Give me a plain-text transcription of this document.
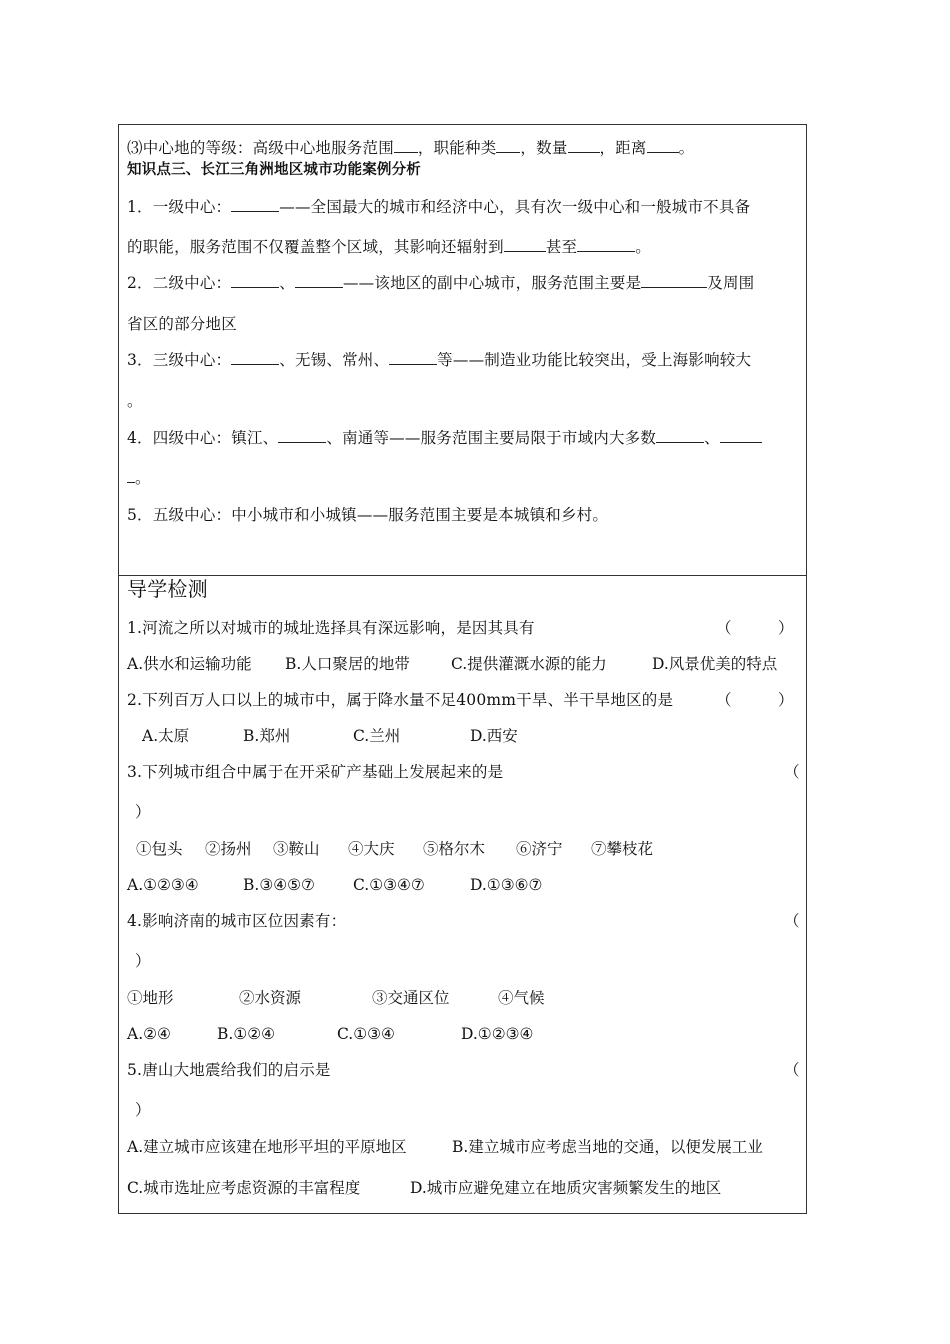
⑶中心地的等级：高级中心地服务范围 ，职能种类 ，数量 ，距离 。
知识点三、长江三角洲地区城市功能案例分析
1．一级中心：	——全国最大的城市和经济中心，具有次一级中心和一般城市不具备
的职能，服务范围不仅覆盖整个区域，其影响还辐射到	甚至	。
2．二级中心：	、	——该地区的副中心城市，服务范围主要是	及周围
省区的部分地区
3．三级中心：	、无锡、常州、	等——制造业功能比较突出，受上海影响较大
。
4．四级中心：镇江、	、南通等——服务范围主要局限于市域内大多数	、
。
5．五级中心：中小城市和小城镇——服务范围主要是本城镇和乡村。
导学检测
1.河流之所以对城市的城址选择具有深远影响，是因其具有	（　　　）
A.供水和运输功能 B.人口聚居的地带	C.提供灌溉水源的能力	D.风景优美的特点
2.下列百万人口以上的城市中，属于降水量不足400mm干旱、半干旱地区的是	（　　　）
A.太原	B.郑州	C.兰州	D.西安
3.下列城市组合中属于在开采矿产基础上发展起来的是	（
）
①包头 ②扬州 ③鞍山 ④大庆 ⑤格尔木 ⑥济宁 ⑦攀枝花
A.①②③④	B.③④⑤⑦ C.①③④⑦	D.①③⑥⑦
4.影响济南的城市区位因素有：	（
）
①地形	②水资源	③交通区位	④气候
A.②④	B.①②④	C.①③④	D.①②③④
5.唐山大地震给我们的启示是	（
）
A.建立城市应该建在地形平坦的平原地区	B.建立城市应考虑当地的交通，以便发展工业
C.城市选址应考虑资源的丰富程度	D.城市应避免建立在地质灾害频繁发生的地区
